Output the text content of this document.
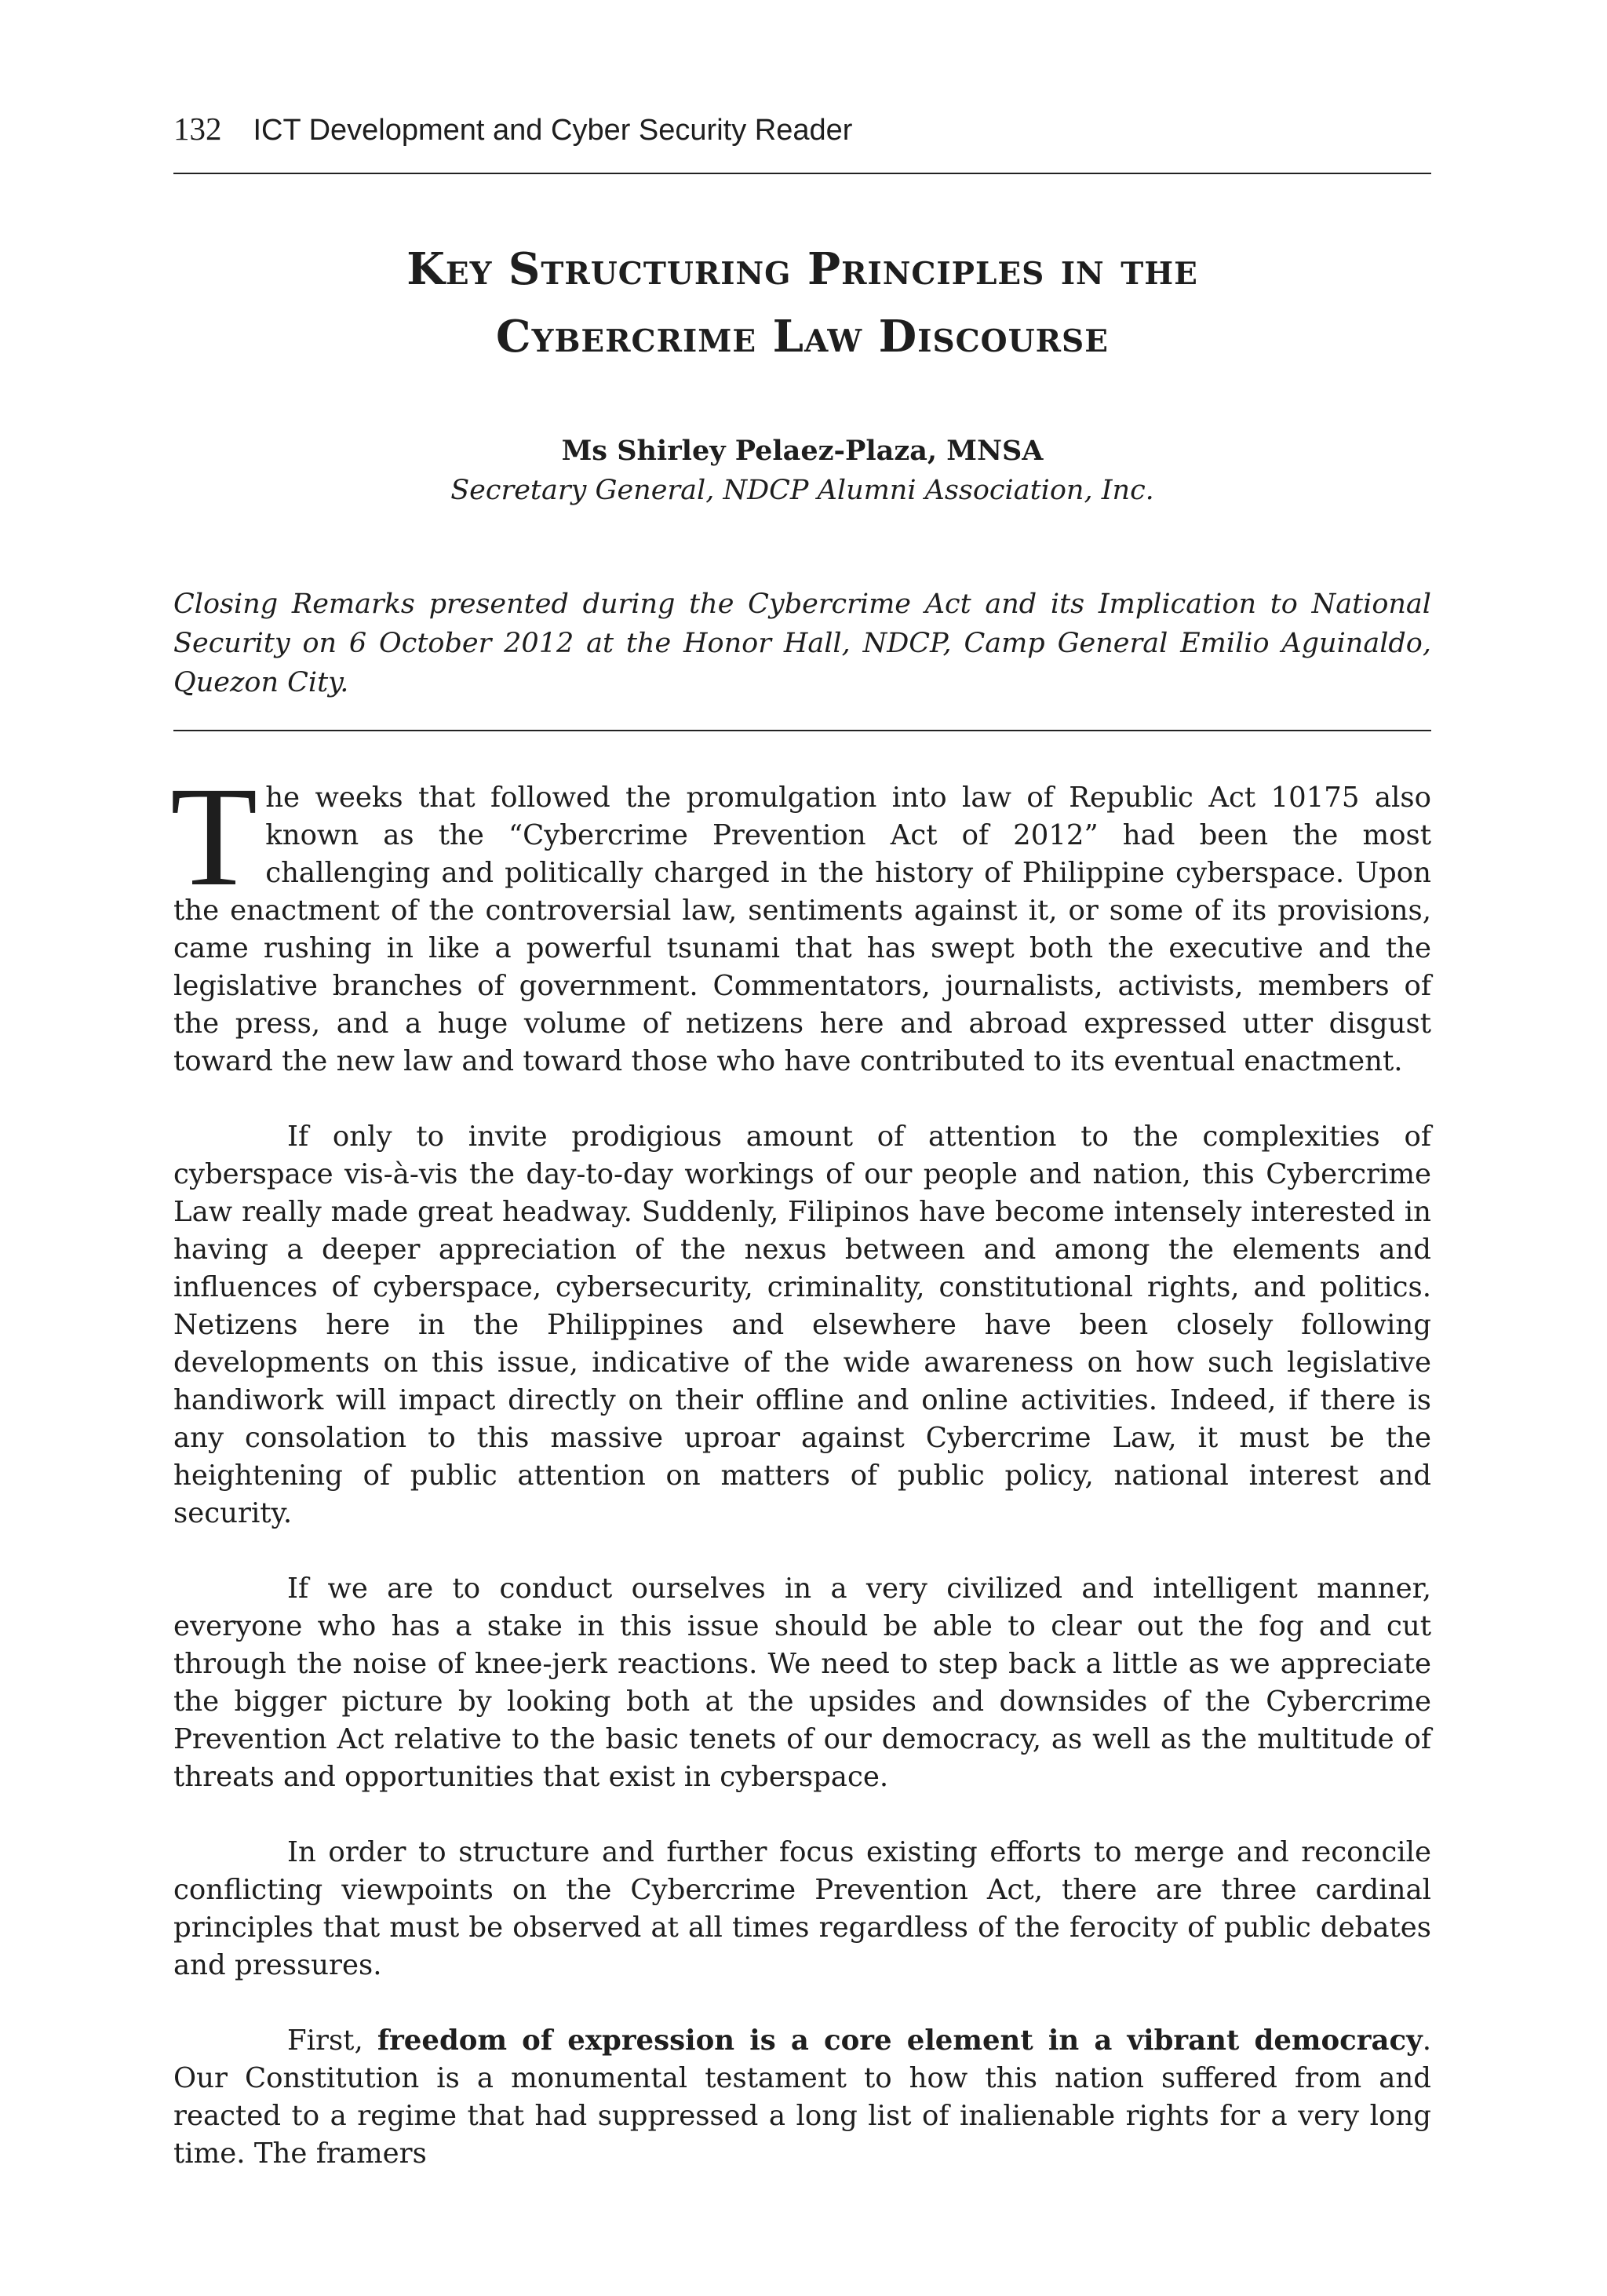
132 ICT Development and Cyber Security Reader
Key Structuring Principles in the
Cybercrime Law Discourse
Ms Shirley Pelaez-Plaza, MNSA
Secretary General, NDCP Alumni Association, Inc.
Closing Remarks presented during the Cybercrime Act and its Implication to National Security on 6 October 2012 at the Honor Hall, NDCP, Camp General Emilio Aguinaldo, Quezon City.

The weeks that followed the promulgation into law of Republic Act 10175 also known as the “Cybercrime Prevention Act of 2012” had been the most challenging and politically charged in the history of Philippine cyberspace. Upon the enactment of the controversial law, sentiments against it, or some of its provisions, came rushing in like a powerful tsunami that has swept both the executive and the legislative branches of government. Commentators, journalists, activists, members of the press, and a huge volume of netizens here and abroad expressed utter disgust toward the new law and toward those who have contributed to its eventual enactment.

If only to invite prodigious amount of attention to the complexities of cyberspace vis-à-vis the day-to-day workings of our people and nation, this Cybercrime Law really made great headway. Suddenly, Filipinos have become intensely interested in having a deeper appreciation of the nexus between and among the elements and influences of cyberspace, cybersecurity, criminality, constitutional rights, and politics. Netizens here in the Philippines and elsewhere have been closely following developments on this issue, indicative of the wide awareness on how such legislative handiwork will impact directly on their offline and online activities. Indeed, if there is any consolation to this massive uproar against Cybercrime Law, it must be the heightening of public attention on matters of public policy, national interest and security.

If we are to conduct ourselves in a very civilized and intelligent manner, everyone who has a stake in this issue should be able to clear out the fog and cut through the noise of knee-jerk reactions. We need to step back a little as we appreciate the bigger picture by looking both at the upsides and downsides of the Cybercrime Prevention Act relative to the basic tenets of our democracy, as well as the multitude of threats and opportunities that exist in cyberspace.

In order to structure and further focus existing efforts to merge and reconcile conflicting viewpoints on the Cybercrime Prevention Act, there are three cardinal principles that must be observed at all times regardless of the ferocity of public debates and pressures.

First, freedom of expression is a core element in a vibrant democracy. Our Constitution is a monumental testament to how this nation suffered from and reacted to a regime that had suppressed a long list of inalienable rights for a very long time. The framers
